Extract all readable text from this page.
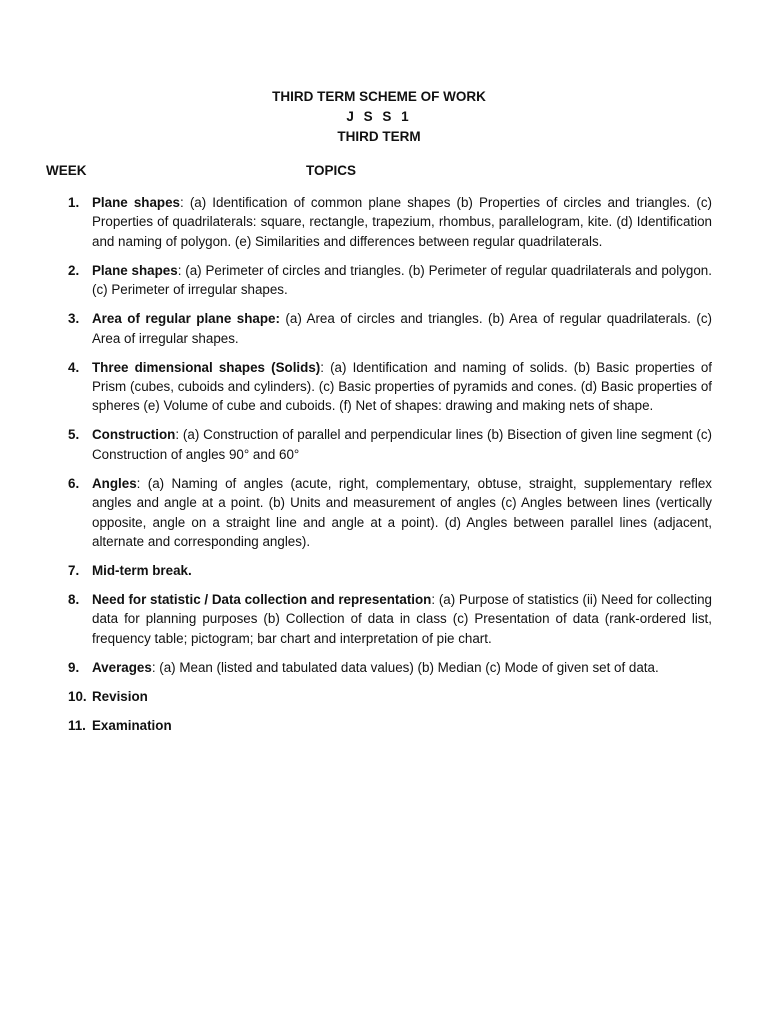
THIRD TERM SCHEME OF WORK
J S S 1
THIRD TERM
WEEK	TOPICS
1. Plane shapes: (a) Identification of common plane shapes (b) Properties of circles and triangles. (c) Properties of quadrilaterals: square, rectangle, trapezium, rhombus, parallelogram, kite. (d) Identification and naming of polygon. (e) Similarities and differences between regular quadrilaterals.
2. Plane shapes: (a) Perimeter of circles and triangles. (b) Perimeter of regular quadrilaterals and polygon. (c) Perimeter of irregular shapes.
3. Area of regular plane shape: (a) Area of circles and triangles. (b) Area of regular quadrilaterals. (c) Area of irregular shapes.
4. Three dimensional shapes (Solids): (a) Identification and naming of solids. (b) Basic properties of Prism (cubes, cuboids and cylinders). (c) Basic properties of pyramids and cones. (d) Basic properties of spheres (e) Volume of cube and cuboids. (f) Net of shapes: drawing and making nets of shape.
5. Construction: (a) Construction of parallel and perpendicular lines (b) Bisection of given line segment (c) Construction of angles 90° and 60°
6. Angles: (a) Naming of angles (acute, right, complementary, obtuse, straight, supplementary reflex angles and angle at a point. (b) Units and measurement of angles (c) Angles between lines (vertically opposite, angle on a straight line and angle at a point). (d) Angles between parallel lines (adjacent, alternate and corresponding angles).
7. Mid-term break.
8. Need for statistic / Data collection and representation: (a) Purpose of statistics (ii) Need for collecting data for planning purposes (b) Collection of data in class (c) Presentation of data (rank-ordered list, frequency table; pictogram; bar chart and interpretation of pie chart.
9. Averages: (a) Mean (listed and tabulated data values) (b) Median (c) Mode of given set of data.
10. Revision
11. Examination
